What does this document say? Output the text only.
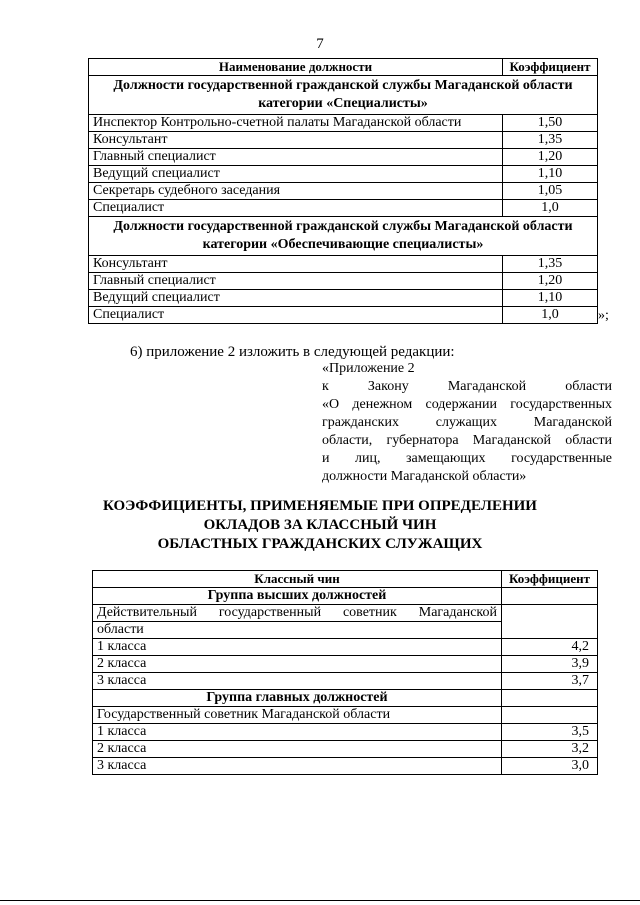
7
Наименование должности	Коэффициент
Должности государственной гражданской службы Магаданской области категории «Специалисты»	
Инспектор Контрольно-счетной палаты Магаданской области	1,50
Консультант	1,35
Главный специалист	1,20
Ведущий специалист	1,10
Секретарь судебного заседания	1,05
Специалист	1,0
Должности государственной гражданской службы Магаданской области категории «Обеспечивающие специалисты»	
Консультант	1,35
Главный специалист	1,20
Ведущий специалист	1,10
Специалист	1,0	»;
6) приложение 2 изложить в следующей редакции:
«Приложение 2
к Закону Магаданской области
«О денежном содержании государственных
гражданских служащих Магаданской
области, губернатора Магаданской области
и лиц, замещающих государственные
должности Магаданской области»
КОЭФФИЦИЕНТЫ, ПРИМЕНЯЕМЫЕ ПРИ ОПРЕДЕЛЕНИИ
ОКЛАДОВ ЗА КЛАССНЫЙ ЧИН
ОБЛАСТНЫХ ГРАЖДАНСКИХ СЛУЖАЩИХ
Классный чин	Коэффициент
Группа высших должностей	
Действительный государственный советник Магаданской	
области	
1 класса	4,2
2 класса	3,9
3 класса	3,7
Группа главных должностей	
Государственный советник Магаданской области	
1 класса	3,5
2 класса	3,2
3 класса	3,0
